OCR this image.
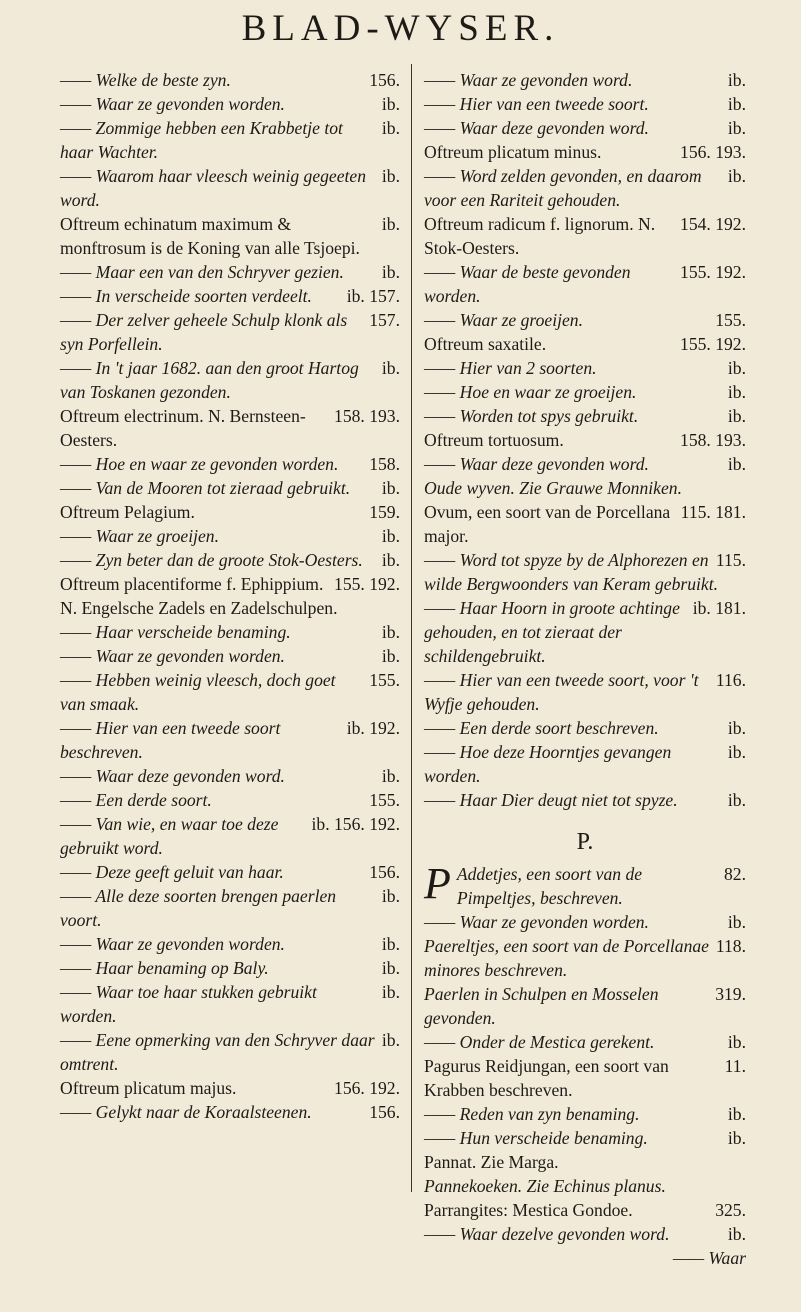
BLAD-WYSER.
156.
—— Welke de beste zyn.
ib.
—— Waar ze gevonden worden.
ib.
—— Zommige hebben een Krabbetje tot haar Wachter.
ib.
—— Waarom haar vleesch weinig gegeeten word.
ib.
Oftreum echinatum maximum & monftrosum is de Koning van alle Tsjoepi.
ib.
—— Maar een van den Schryver gezien.
ib. 157.
—— In verscheide soorten verdeelt.
157.
—— Der zelver geheele Schulp klonk als syn Porfellein.
ib.
—— In 't jaar 1682. aan den groot Hartog van Toskanen gezonden.
158. 193.
Oftreum electrinum. N. Bernsteen-Oesters.
158.
—— Hoe en waar ze gevonden worden.
ib.
—— Van de Mooren tot zieraad gebruikt.
159.
Oftreum Pelagium.
ib.
—— Waar ze groeijen.
ib.
—— Zyn beter dan de groote Stok-Oesters.
155. 192.
Oftreum placentiforme f. Ephippium. N. Engelsche Zadels en Zadelschulpen.
ib.
—— Haar verscheide benaming.
ib.
—— Waar ze gevonden worden.
155.
—— Hebben weinig vleesch, doch goet van smaak.
ib. 192.
—— Hier van een tweede soort beschreven.
ib.
—— Waar deze gevonden word.
155.
—— Een derde soort.
ib. 156. 192.
—— Van wie, en waar toe deze gebruikt word.
156.
—— Deze geeft geluit van haar.
ib.
—— Alle deze soorten brengen paerlen voort.
ib.
—— Waar ze gevonden worden.
ib.
—— Haar benaming op Baly.
ib.
—— Waar toe haar stukken gebruikt worden.
ib.
—— Eene opmerking van den Schryver daar omtrent.
156. 192.
Oftreum plicatum majus.
156.
—— Gelykt naar de Koraalsteenen.
ib.
—— Waar ze gevonden word.
ib.
—— Hier van een tweede soort.
ib.
—— Waar deze gevonden word.
156. 193.
Oftreum plicatum minus.
ib.
—— Word zelden gevonden, en daarom voor een Rariteit gehouden.
154. 192.
Oftreum radicum f. lignorum. N. Stok-Oesters.
155. 192.
—— Waar de beste gevonden worden.
155.
—— Waar ze groeijen.
155. 192.
Oftreum saxatile.
ib.
—— Hier van 2 soorten.
ib.
—— Hoe en waar ze groeijen.
ib.
—— Worden tot spys gebruikt.
158. 193.
Oftreum tortuosum.
ib.
—— Waar deze gevonden word.
Oude wyven. Zie Grauwe Monniken.
115. 181.
Ovum, een soort van de Porcellana major.
115.
—— Word tot spyze by de Alphorezen en wilde Bergwoonders van Keram gebruikt.
ib. 181.
—— Haar Hoorn in groote achtinge gehouden, en tot zieraat der schildengebruikt.
116.
—— Hier van een tweede soort, voor 't Wyfje gehouden.
ib.
—— Een derde soort beschreven.
ib.
—— Hoe deze Hoorntjes gevangen worden.
ib.
—— Haar Dier deugt niet tot spyze.
P.
P	82.
Addetjes, een soort van de Pimpeltjes, beschreven.
ib.
—— Waar ze gevonden worden.
118.
Paereltjes, een soort van de Porcellanae minores beschreven.
319.
Paerlen in Schulpen en Mosselen gevonden.
ib.
—— Onder de Mestica gerekent.
11.
Pagurus Reidjungan, een soort van Krabben beschreven.
ib.
—— Reden van zyn benaming.
ib.
—— Hun verscheide benaming.
Pannat. Zie Marga.
Pannekoeken. Zie Echinus planus.
325.
Parrangites: Mestica Gondoe.
ib.
—— Waar dezelve gevonden word.
—— Waar
